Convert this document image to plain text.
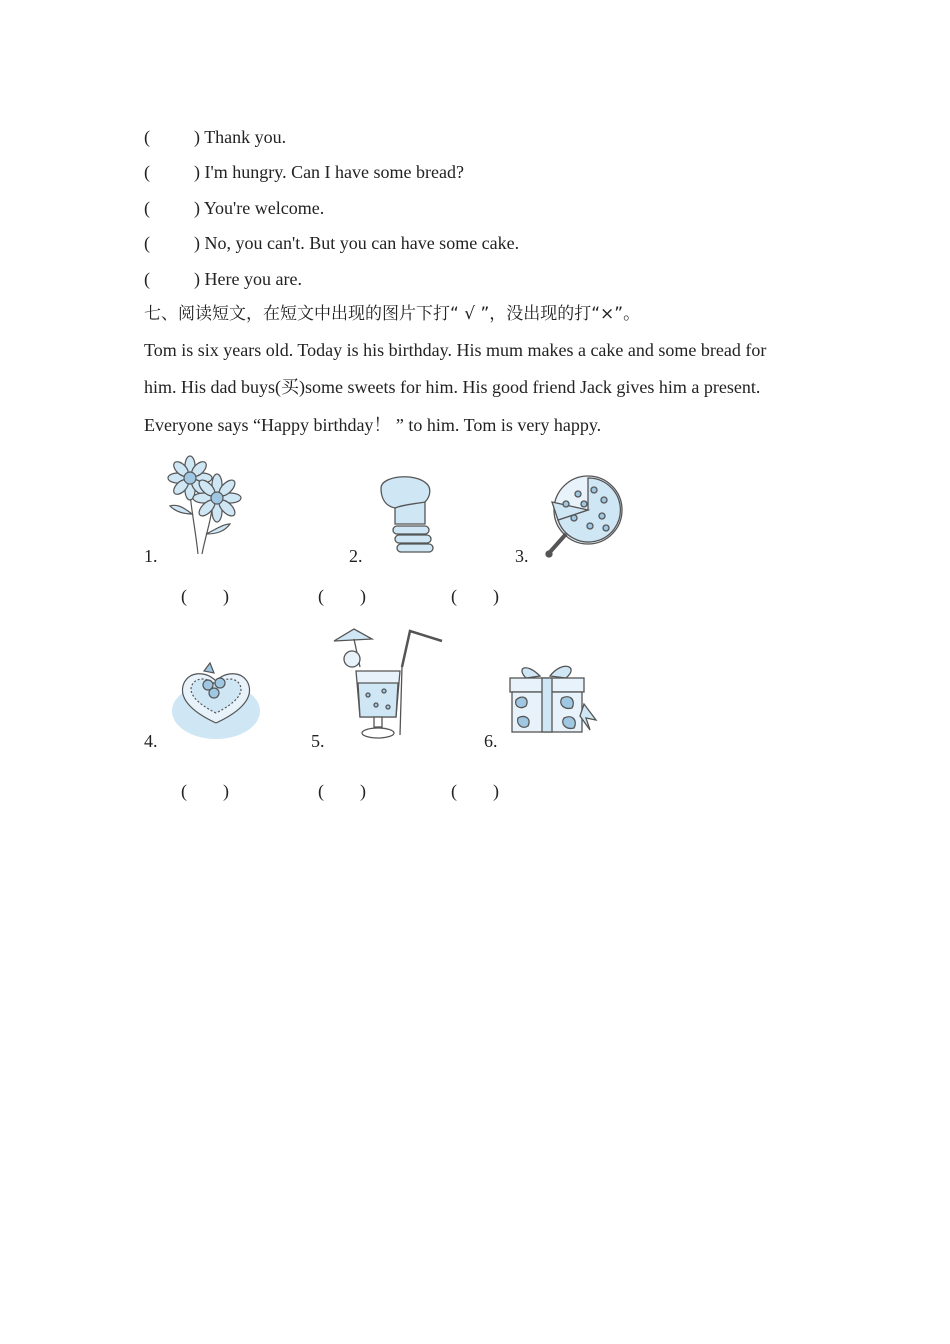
( ) Thank you.
( ) I'm hungry. Can I have some bread?
( ) You're welcome.
( ) No, you can't. But you can have some cake.
( ) Here you are.
七、阅读短文，在短文中出现的图片下打“ √ ”，没出现的打“×”。
Tom is six years old. Today is his birthday. His mum makes a cake and some bread for
him. His dad buys(买)some sweets for him. His good friend Jack gives him a present.
Everyone says “Happy birthday！ ” to him. Tom is very happy.
1.	2.	3.
(        )	(        )	(        )
4.	5.	6.
(        )	(        )	(        )
